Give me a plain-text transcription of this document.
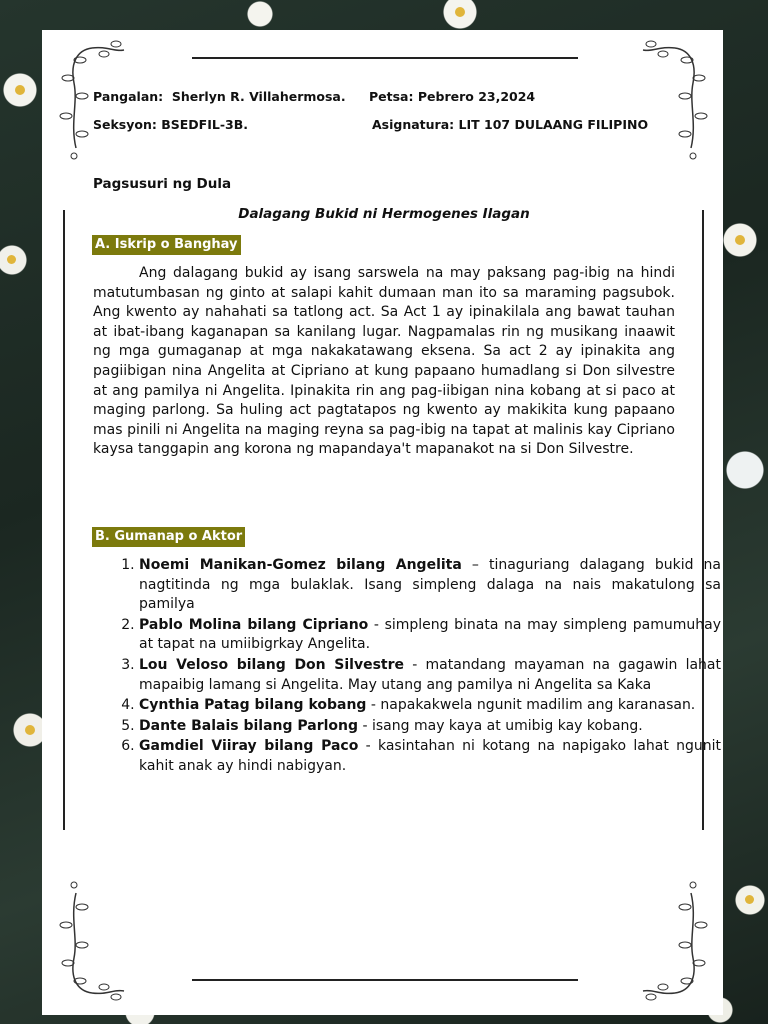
Pangalan: Sherlyn R. Villahermosa. Petsa: Pebrero 23,2024
Seksyon: BSEDFIL-3B.	Asignatura: LIT 107 DULAANG FILIPINO
Pagsusuri ng Dula
Dalagang Bukid ni Hermogenes Ilagan
A. Iskrip o Banghay
Ang dalagang bukid ay isang sarswela na may paksang pag-ibig na hindi matutumbasan ng ginto at salapi kahit dumaan man ito sa maraming pagsubok. Ang kwento ay nahahati sa tatlong act. Sa Act 1 ay ipinakilala ang bawat tauhan at ibat-ibang kaganapan sa kanilang lugar. Nagpamalas rin ng musikang inaawit ng mga gumaganap at mga nakakatawang eksena. Sa act 2 ay ipinakita ang pagiibigan nina Angelita at Cipriano at kung papaano humadlang si Don silvestre at ang pamilya ni Angelita. Ipinakita rin ang pag-iibigan nina kobang at si paco at maging parlong. Sa huling act pagtatapos ng kwento ay makikita kung papaano mas pinili ni Angelita na maging reyna sa pag-ibig na tapat at malinis kay Cipriano kaysa tanggapin ang korona ng mapandaya't mapanakot na si Don Silvestre.
B. Gumanap o Aktor
1. Noemi Manikan-Gomez bilang Angelita – tinaguriang dalagang bukid na nagtitinda ng mga bulaklak. Isang simpleng dalaga na nais makatulong sa pamilya
2. Pablo Molina bilang Cipriano - simpleng binata na may simpleng pamumuhay at tapat na umiibigrkay Angelita.
3. Lou Veloso bilang Don Silvestre - matandang mayaman na gagawin lahat mapaibig lamang si Angelita. May utang ang pamilya ni Angelita sa Kaka
4. Cynthia Patag bilang kobang - napakakwela ngunit madilim ang karanasan.
5. Dante Balais bilang Parlong - isang may kaya at umibig kay kobang.
6. Gamdiel Viiray bilang Paco - kasintahan ni kotang na napigako lahat ngunit kahit anak ay hindi nabigyan.
